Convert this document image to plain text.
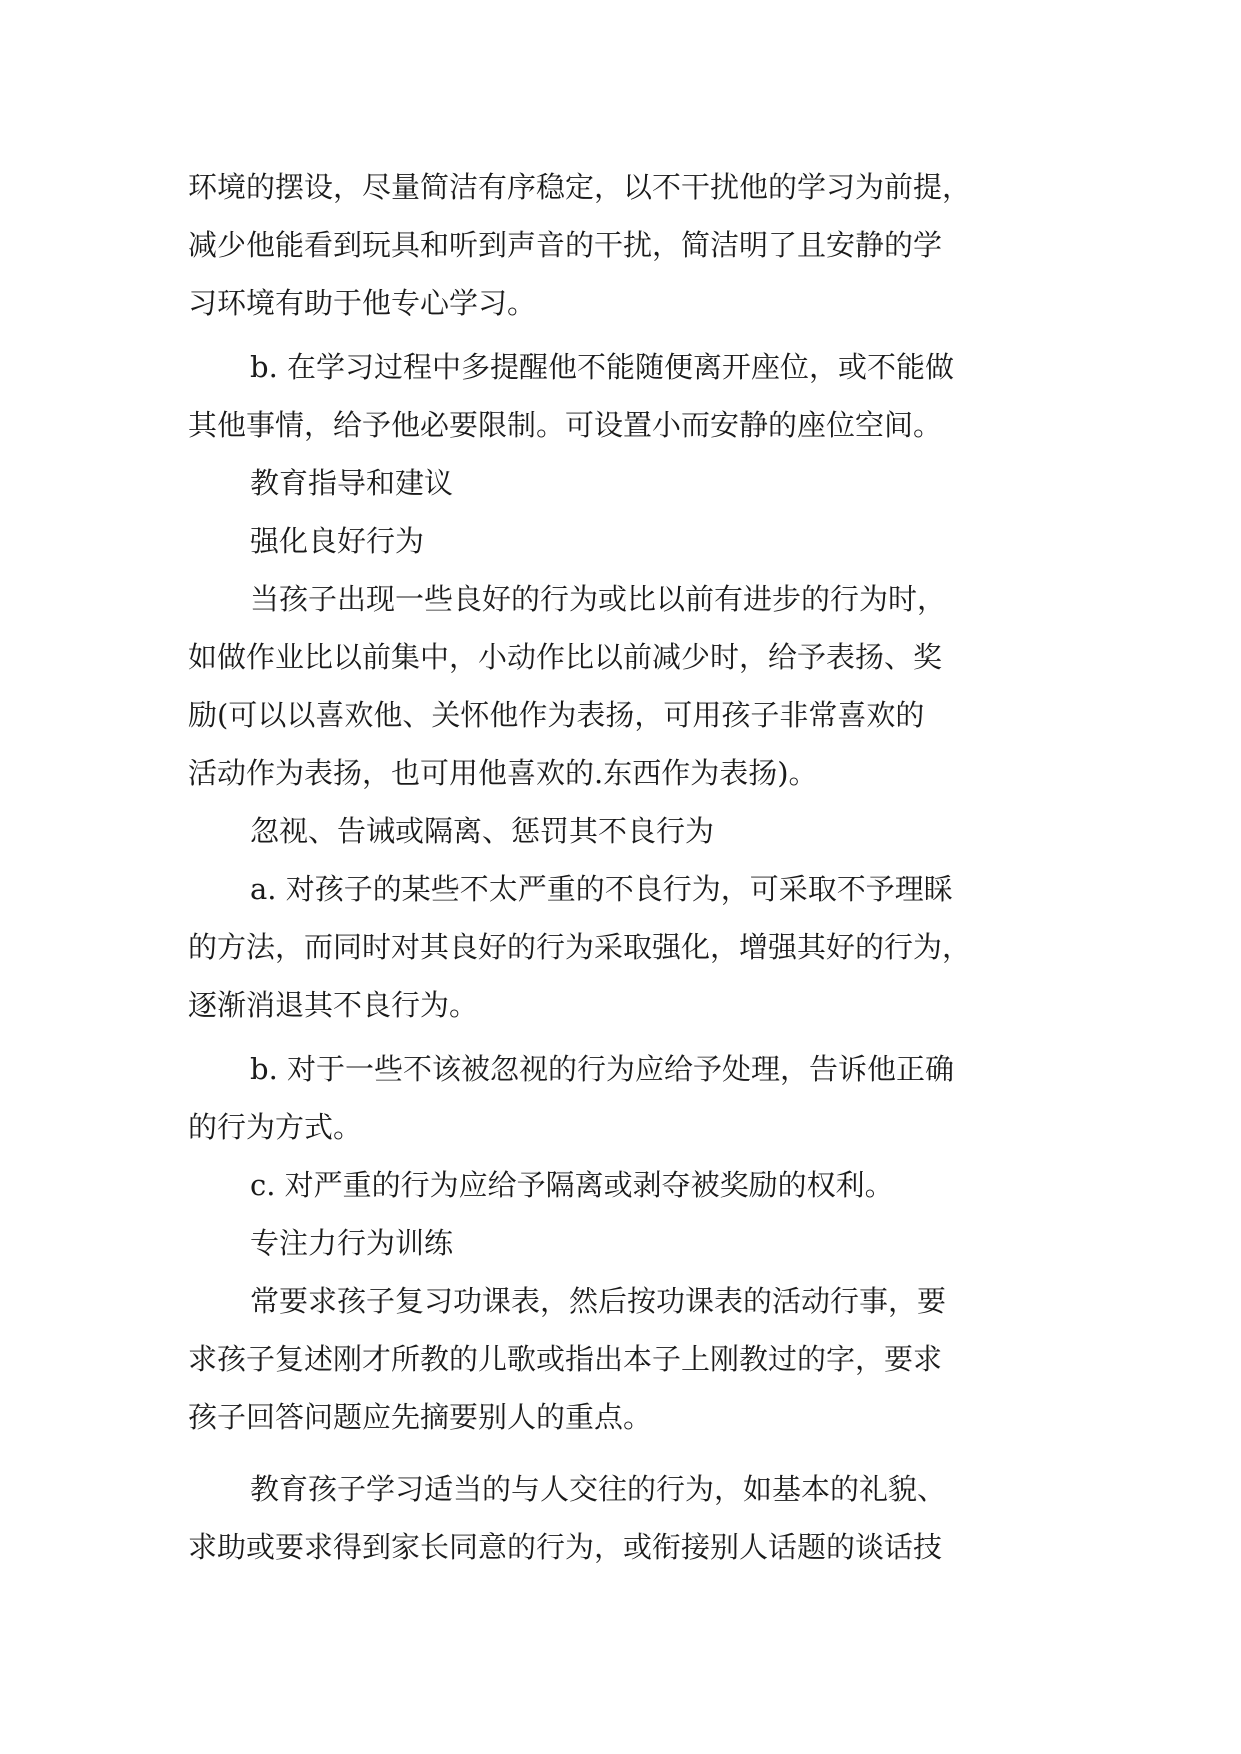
环境的摆设，尽量简洁有序稳定，以不干扰他的学习为前提，
减少他能看到玩具和听到声音的干扰，简洁明了且安静的学
习环境有助于他专心学习。
b. 在学习过程中多提醒他不能随便离开座位，或不能做
其他事情，给予他必要限制。可设置小而安静的座位空间。
教育指导和建议
强化良好行为
当孩子出现一些良好的行为或比以前有进步的行为时，
如做作业比以前集中，小动作比以前减少时，给予表扬、奖
励(可以以喜欢他、关怀他作为表扬，可用孩子非常喜欢的
活动作为表扬，也可用他喜欢的.东西作为表扬)。
忽视、告诫或隔离、惩罚其不良行为
a. 对孩子的某些不太严重的不良行为，可采取不予理睬
的方法，而同时对其良好的行为采取强化，增强其好的行为，
逐渐消退其不良行为。
b. 对于一些不该被忽视的行为应给予处理，告诉他正确
的行为方式。
c. 对严重的行为应给予隔离或剥夺被奖励的权利。
专注力行为训练
常要求孩子复习功课表，然后按功课表的活动行事，要
求孩子复述刚才所教的儿歌或指出本子上刚教过的字，要求
孩子回答问题应先摘要别人的重点。
教育孩子学习适当的与人交往的行为，如基本的礼貌、
求助或要求得到家长同意的行为，或衔接别人话题的谈话技
